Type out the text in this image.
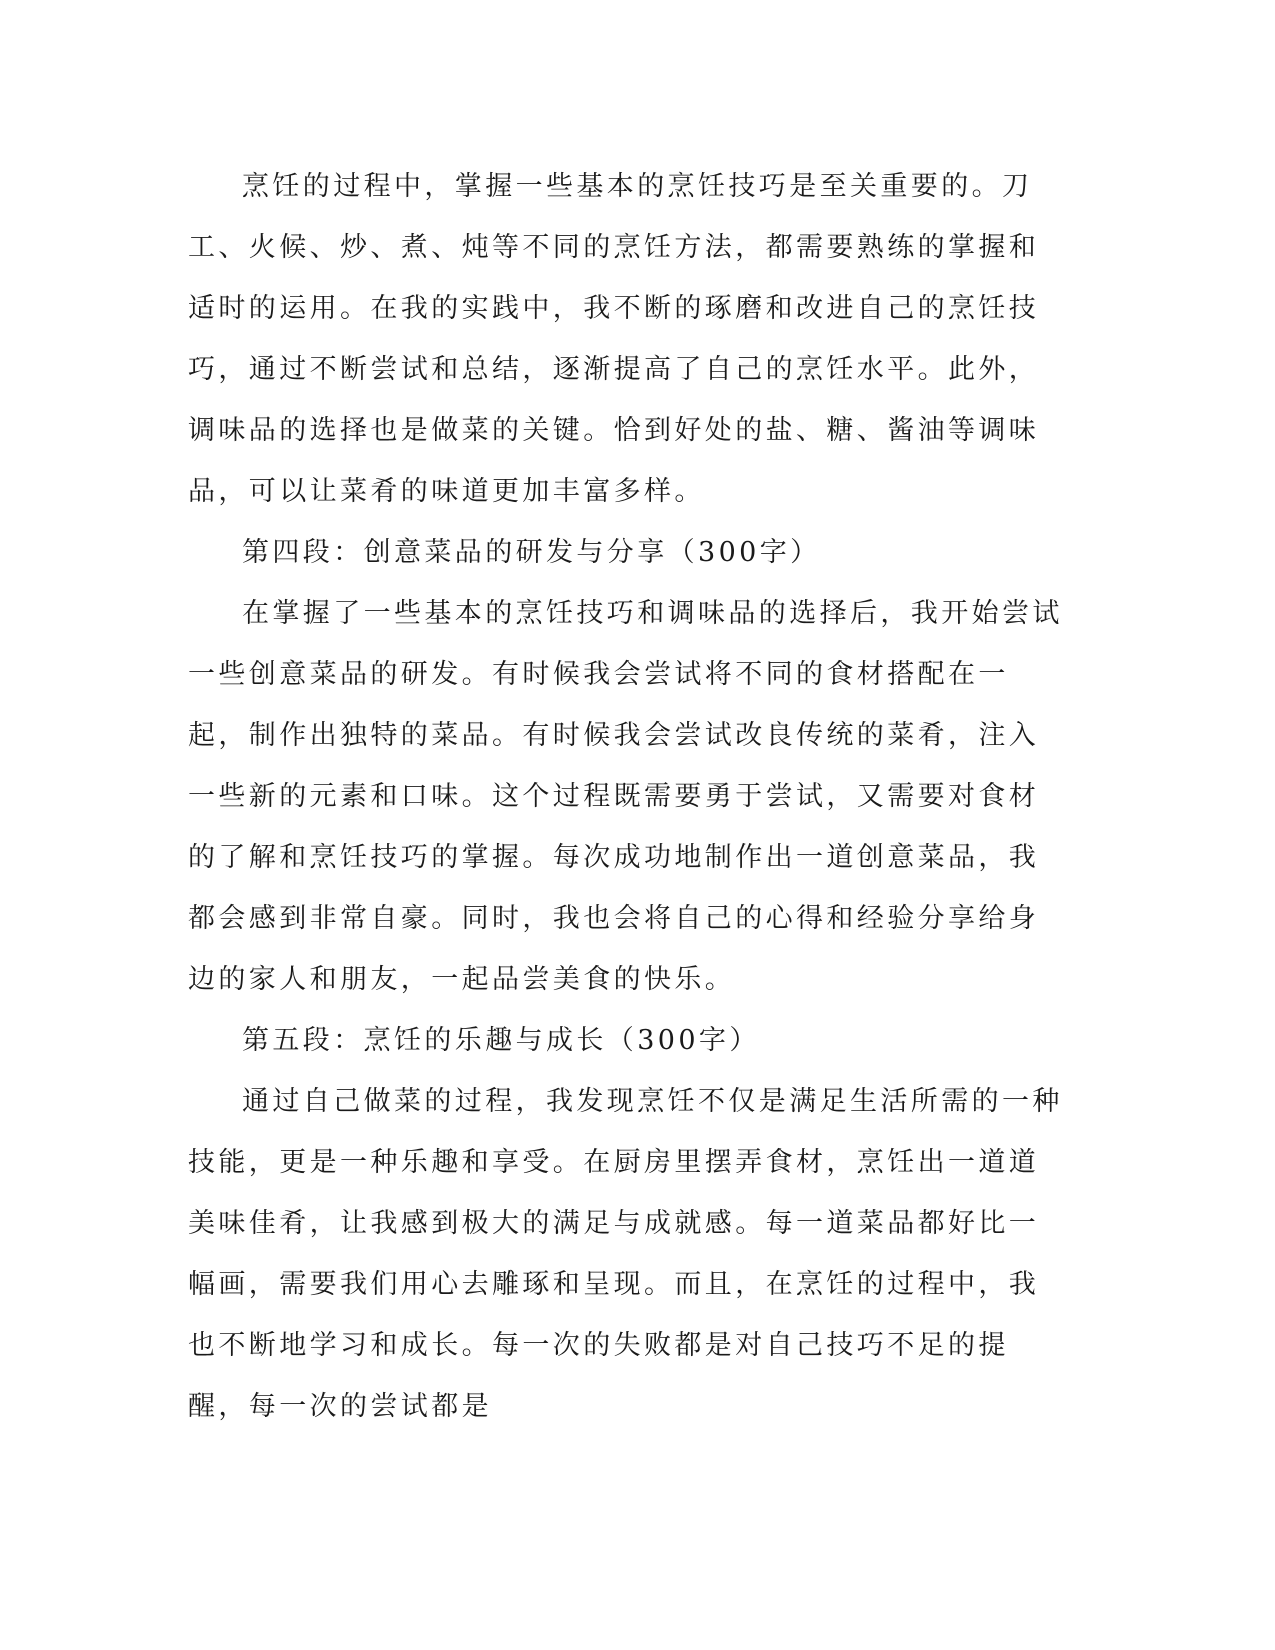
烹饪的过程中，掌握一些基本的烹饪技巧是至关重要的。刀工、火候、炒、煮、炖等不同的烹饪方法，都需要熟练的掌握和适时的运用。在我的实践中，我不断的琢磨和改进自己的烹饪技巧，通过不断尝试和总结，逐渐提高了自己的烹饪水平。此外，调味品的选择也是做菜的关键。恰到好处的盐、糖、酱油等调味品，可以让菜肴的味道更加丰富多样。

第四段：创意菜品的研发与分享（300字）

在掌握了一些基本的烹饪技巧和调味品的选择后，我开始尝试一些创意菜品的研发。有时候我会尝试将不同的食材搭配在一起，制作出独特的菜品。有时候我会尝试改良传统的菜肴，注入一些新的元素和口味。这个过程既需要勇于尝试，又需要对食材的了解和烹饪技巧的掌握。每次成功地制作出一道创意菜品，我都会感到非常自豪。同时，我也会将自己的心得和经验分享给身边的家人和朋友，一起品尝美食的快乐。

第五段：烹饪的乐趣与成长（300字）

通过自己做菜的过程，我发现烹饪不仅是满足生活所需的一种技能，更是一种乐趣和享受。在厨房里摆弄食材，烹饪出一道道美味佳肴，让我感到极大的满足与成就感。每一道菜品都好比一幅画，需要我们用心去雕琢和呈现。而且，在烹饪的过程中，我也不断地学习和成长。每一次的失败都是对自己技巧不足的提醒，每一次的尝试都是
